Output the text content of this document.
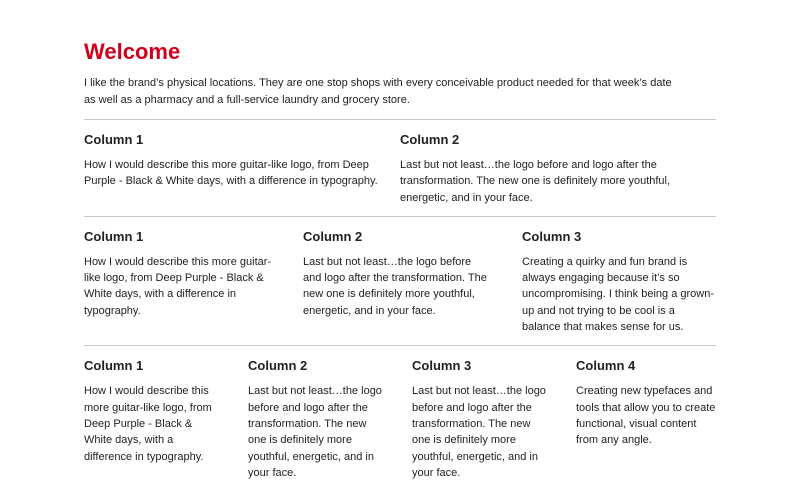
Welcome

I like the brand’s physical locations. They are one stop shops with every conceivable product needed for that week’s date as well as a pharmacy and a full-service laundry and grocery store.

Column 1

How I would describe this more guitar-like logo, from Deep Purple - Black & White days, with a difference in typography.

Column 2

Last but not least…the logo before and logo after the transformation. The new one is definitely more youthful, energetic, and in your face.

Column 1

How I would describe this more guitar-like logo, from Deep Purple - Black & White days, with a difference in typography.

Column 2

Last but not least…the logo before and logo after the transformation. The new one is definitely more youthful, energetic, and in your face.

Column 3

Creating a quirky and fun brand is always engaging because it’s so uncompromising. I think being a grown-up and not trying to be cool is a balance that makes sense for us.

Column 1

How I would describe this more guitar-like logo, from Deep Purple - Black & White days, with a difference in typography.

Column 2

Last but not least…the logo before and logo after the transformation. The new one is definitely more youthful, energetic, and in your face.

Column 3

Last but not least…the logo before and logo after the transformation. The new one is definitely more youthful, energetic, and in your face.

Column 4

Creating new typefaces and tools that allow you to create functional, visual content from any angle.
